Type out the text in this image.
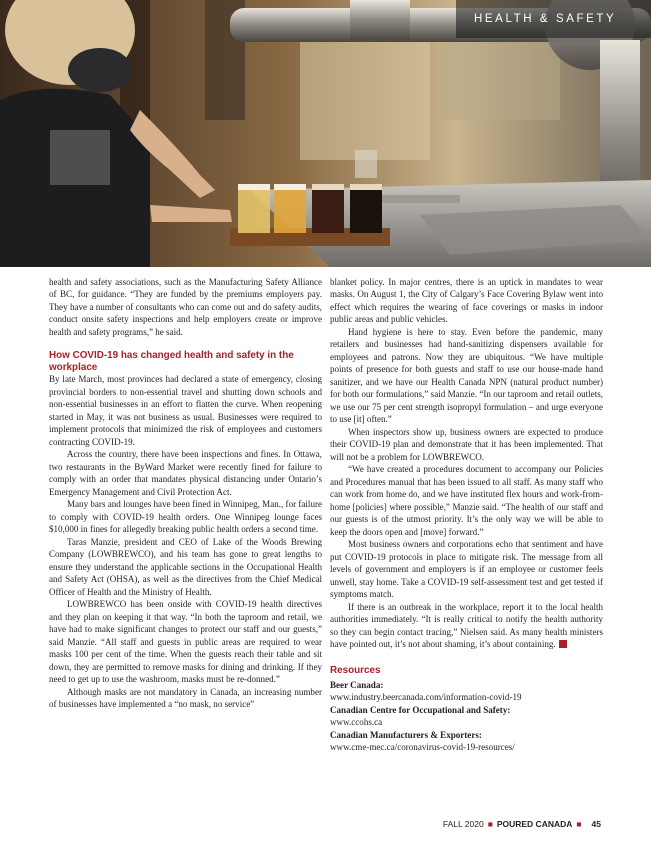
HEALTH & SAFETY

health and safety associations, such as the Manufacturing Safety Alliance of BC, for guidance. “They are funded by the premiums employers pay. They have a number of consultants who can come out and do safety audits, conduct onsite safety inspections and help employers create or improve health and safety programs,” he said.

How COVID-19 has changed health and safety in the workplace

By late March, most provinces had declared a state of emergency, closing provincial borders to non-essential travel and shutting down schools and non-essential businesses in an effort to flatten the curve. When reopening started in May, it was not business as usual. Businesses were required to implement protocols that minimized the risk of employees and customers contracting COVID-19.

Across the country, there have been inspections and fines. In Ottawa, two restaurants in the ByWard Market were recently fined for failure to comply with an order that mandates physical distancing under Ontario’s Emergency Management and Civil Protection Act.

Many bars and lounges have been fined in Winnipeg, Man., for failure to comply with COVID-19 health orders. One Winnipeg lounge faces $10,000 in fines for allegedly breaking public health orders a second time.

Taras Manzie, president and CEO of Lake of the Woods Brewing Company (LOWBREWCO), and his team has gone to great lengths to ensure they understand the applicable sections in the Occupational Health and Safety Act (OHSA), as well as the directives from the Chief Medical Officer of Health and the Ministry of Health.

LOWBREWCO has been onside with COVID-19 health directives and they plan on keeping it that way. “In both the taproom and retail, we have had to make significant changes to protect our staff and our guests,” said Manzie. “All staff and guests in public areas are required to wear masks 100 per cent of the time. When the guests reach their table and sit down, they are permitted to remove masks for dining and drinking. If they need to get up to use the washroom, masks must be re-donned.”

Although masks are not mandatory in Canada, an increasing number of businesses have implemented a “no mask, no service”

blanket policy. In major centres, there is an uptick in mandates to wear masks. On August 1, the City of Calgary’s Face Covering Bylaw went into effect which requires the wearing of face coverings or masks in indoor public areas and public vehicles.

Hand hygiene is here to stay. Even before the pandemic, many retailers and businesses had hand-sanitizing dispensers available for employees and patrons. Now they are ubiquitous. “We have multiple points of presence for both guests and staff to use our house-made hand sanitizer, and we have our Health Canada NPN (natural product number) for both our formulations,” said Manzie. “In our taproom and retail outlets, we use our 75 per cent strength isopropyl formulation – and urge everyone to use [it] often.”

When inspectors show up, business owners are expected to produce their COVID-19 plan and demonstrate that it has been implemented. That will not be a problem for LOWBREWCO.

“We have created a procedures document to accompany our Policies and Procedures manual that has been issued to all staff. As many staff who can work from home do, and we have instituted flex hours and work-from-home [policies] where possible,” Manzie said. “The health of our staff and our guests is of the utmost priority. It’s the only way we will be able to keep the doors open and [move] forward.”

Most business owners and corporations echo that sentiment and have put COVID-19 protocols in place to mitigate risk. The message from all levels of government and employers is if an employee or customer feels unwell, stay home. Take a COVID-19 self-assessment test and get tested if symptoms match.

If there is an outbreak in the workplace, report it to the local health authorities immediately. “It is really critical to notify the health authority so they can begin contact tracing,” Nielsen said. As many health ministers have pointed out, it’s not about shaming, it’s about containing.

Resources
Beer Canada:
www.industry.beercanada.com/information-covid-19
Canadian Centre for Occupational and Safety:
www.ccohs.ca
Canadian Manufacturers & Exporters:
www.cme-mec.ca/coronavirus-covid-19-resources/
FALL 2020 ■ POURED CANADA ■ 45
